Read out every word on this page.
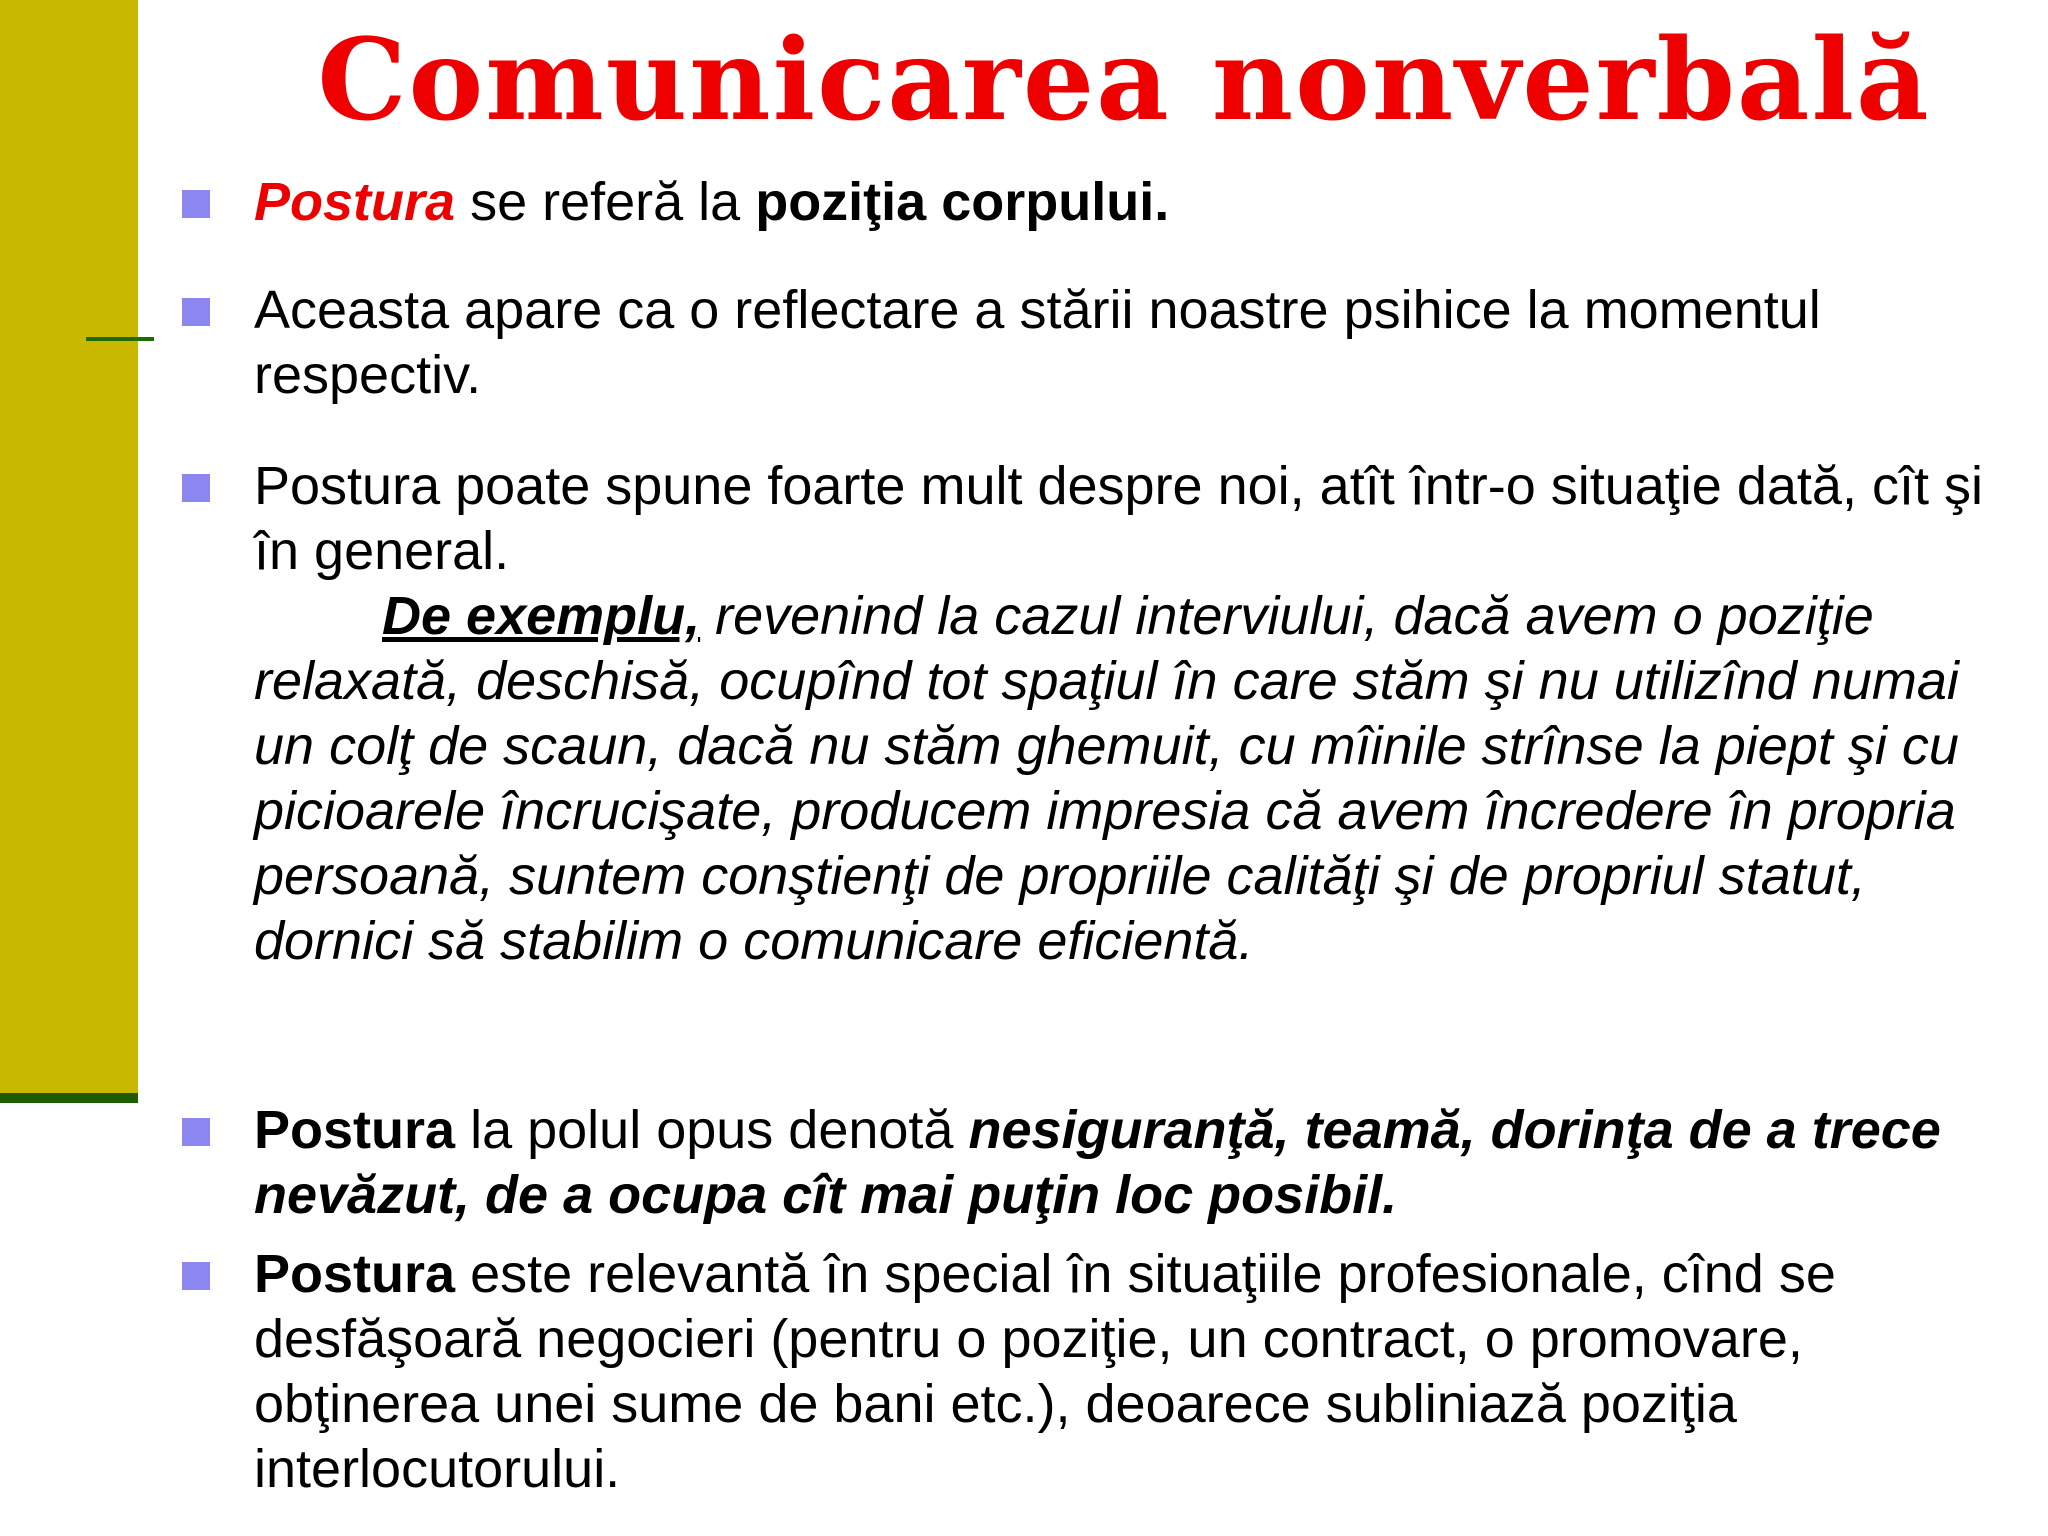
Comunicarea nonverbală
Postura se referă la poziţia corpului.
Aceasta apare ca o reflectare a stării noastre psihice la momentul respectiv.
Postura poate spune foarte mult despre noi, atît într-o situaţie dată, cît şi în general.
De exemplu, revenind la cazul interviului, dacă avem o poziţie relaxată, deschisă, ocupînd tot spaţiul în care stăm şi nu utilizînd numai un colţ de scaun, dacă nu stăm ghemuit, cu mîinile strînse la piept şi cu picioarele încrucişate, producem impresia că avem încredere în propria persoană, suntem conştienţi de propriile calităţi şi de propriul statut, dornici să stabilim o comunicare eficientă.
Postura la polul opus denotă nesiguranţă, teamă, dorinţa de a trece nevăzut, de a ocupa cît mai puţin loc posibil.
Postura este relevantă în special în situaţiile profesionale, cînd se desfăşoară negocieri (pentru o poziţie, un contract, o promovare, obţinerea unei sume de bani etc.), deoarece subliniază poziţia interlocutorului.
